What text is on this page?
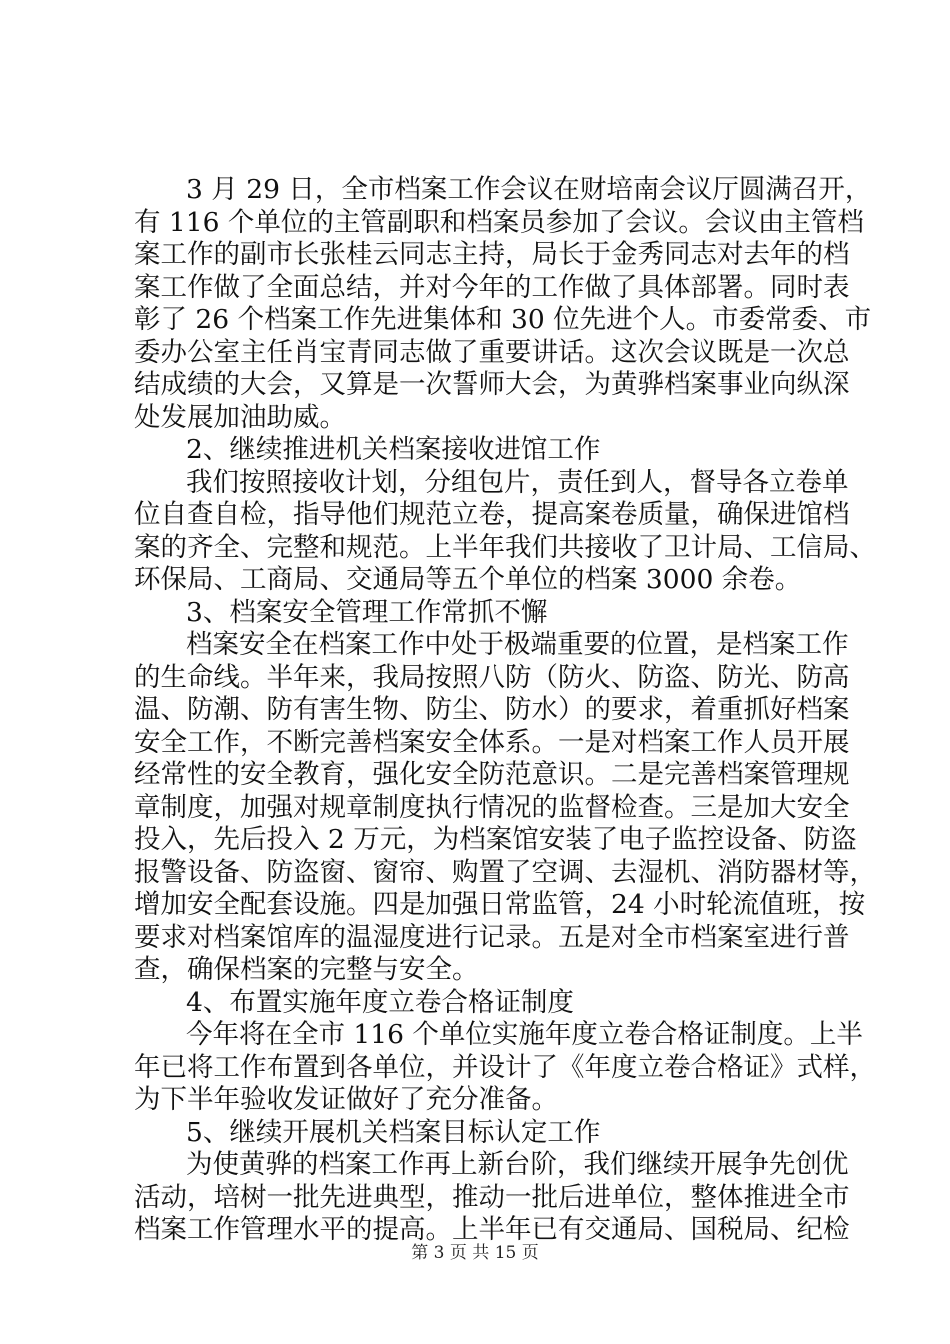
3 月 29 日，全市档案工作会议在财培南会议厅圆满召开，
有 116 个单位的主管副职和档案员参加了会议。会议由主管档
案工作的副市长张桂云同志主持，局长于金秀同志对去年的档
案工作做了全面总结，并对今年的工作做了具体部署。同时表
彰了 26 个档案工作先进集体和 30 位先进个人。市委常委、市
委办公室主任肖宝青同志做了重要讲话。这次会议既是一次总
结成绩的大会，又算是一次誓师大会，为黄骅档案事业向纵深
处发展加油助威。
2、继续推进机关档案接收进馆工作
我们按照接收计划，分组包片，责任到人，督导各立卷单
位自查自检，指导他们规范立卷，提高案卷质量，确保进馆档
案的齐全、完整和规范。上半年我们共接收了卫计局、工信局、
环保局、工商局、交通局等五个单位的档案 3000 余卷。
3、档案安全管理工作常抓不懈
档案安全在档案工作中处于极端重要的位置，是档案工作
的生命线。半年来，我局按照八防（防火、防盗、防光、防高
温、防潮、防有害生物、防尘、防水）的要求，着重抓好档案
安全工作，不断完善档案安全体系。一是对档案工作人员开展
经常性的安全教育，强化安全防范意识。二是完善档案管理规
章制度，加强对规章制度执行情况的监督检查。三是加大安全
投入，先后投入 2 万元，为档案馆安装了电子监控设备、防盗
报警设备、防盗窗、窗帘、购置了空调、去湿机、消防器材等，
增加安全配套设施。四是加强日常监管，24 小时轮流值班，按
要求对档案馆库的温湿度进行记录。五是对全市档案室进行普
查，确保档案的完整与安全。
4、布置实施年度立卷合格证制度
今年将在全市 116 个单位实施年度立卷合格证制度。上半
年已将工作布置到各单位，并设计了《年度立卷合格证》式样，
为下半年验收发证做好了充分准备。
5、继续开展机关档案目标认定工作
为使黄骅的档案工作再上新台阶，我们继续开展争先创优
活动，培树一批先进典型，推动一批后进单位，整体推进全市
档案工作管理水平的提高。上半年已有交通局、国税局、纪检
第 3 页 共 15 页
